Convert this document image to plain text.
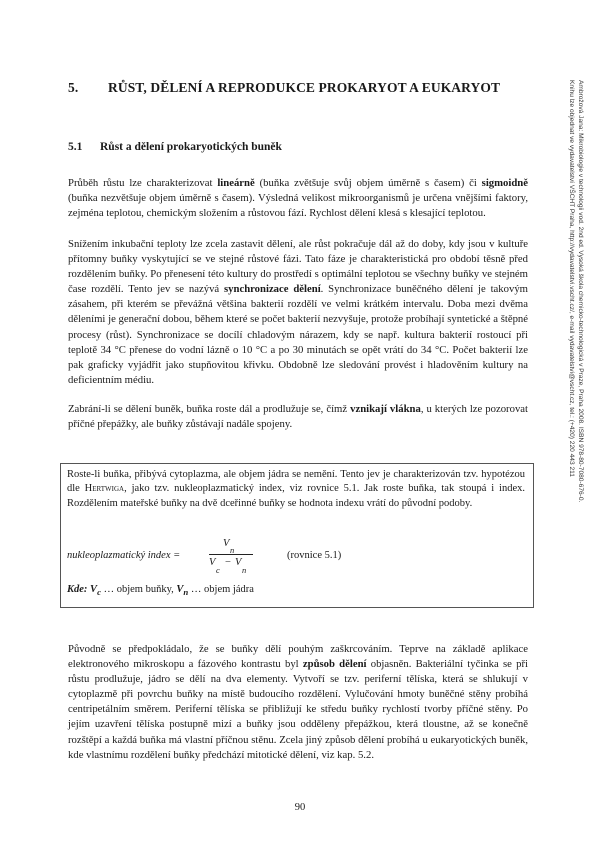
5. RŮST, DĚLENÍ A REPRODUKCE PROKARYOT A EUKARYOT
5.1 Růst a dělení prokaryotických buněk

Průběh růstu lze charakterizovat lineárně (buňka zvětšuje svůj objem úměrně s časem) či sigmoidně (buňka nezvětšuje objem úměrně s časem). Výsledná velikost mikroorganismů je určena vnějšími faktory, zejména teplotou, chemickým složením a růstovou fází. Rychlost dělení klesá s klesající teplotou.

Snížením inkubační teploty lze zcela zastavit dělení, ale růst pokračuje dál až do doby, kdy jsou v kultuře přítomny buňky vyskytující se ve stejné růstové fázi. Tato fáze je charakteristická pro období těsně před rozdělením buňky. Po přenesení této kultury do prostředí s optimální teplotou se všechny buňky ve stejném čase rozdělí. Tento jev se nazývá synchronizace dělení. Synchronizace buněčného dělení je takovým zásahem, při kterém se převážná většina bakterií rozdělí ve velmi krátkém intervalu. Doba mezi dvěma děleními je generační dobou, během které se počet bakterií nezvyšuje, protože probíhají syntetické a štěpné procesy (růst). Synchronizace se docílí chladovým nárazem, kdy se např. kultura bakterií rostoucí při teplotě 34 °C přenese do vodní lázně o 10 °C a po 30 minutách se opět vrátí do 34 °C. Počet bakterií lze pak graficky vyjádřit jako stupňovitou křivku. Obdobně lze sledování provést i hladověním kultury na deficientním médiu.

Zabrání-li se dělení buněk, buňka roste dál a prodlužuje se, čímž vznikají vlákna, u kterých lze pozorovat příčné přepážky, ale buňky zůstávají nadále spojeny.

Roste-li buňka, přibývá cytoplazma, ale objem jádra se nemění. Tento jev je charakterizován tzv. hypotézou dle Hertwiga, jako tzv. nukleoplazmatický index, viz rovnice 5.1. Jak roste buňka, tak stoupá i index. Rozdělením mateřské buňky na dvě dceřinné buňky se hodnota indexu vrátí do původní podoby.

nukleoplazmatický index =
V
n
V
c
− V
n
(rovnice 5.1)
Kde: $V_c$ … objem buňky, $V_n$ … objem jádra

Původně se předpokládalo, že se buňky dělí pouhým zaškrcováním. Teprve na základě aplikace elektronového mikroskopu a fázového kontrastu byl způsob dělení objasněn. Bakteriální tyčinka se při růstu prodlužuje, jádro se dělí na dva elementy. Vytvoří se tzv. periferní tělíska, která se shlukují v cytoplazmě při povrchu buňky na místě budoucího rozdělení. Vylučování hmoty buněčné stěny probíhá centripetálním směrem. Periferní tělíska se přibližují ke středu buňky rychlostí tvorby příčné stěny. Po jejím uzavření tělíska postupně mizí a buňky jsou odděleny přepážkou, která tloustne, až se konečně rozštěpí a každá buňka má vlastní příčnou stěnu. Zcela jiný způsob dělení probíhá u eukaryotických buněk, kde vlastnímu rozdělení buňky předchází mitotické dělení, viz kap. 5.2.

90
Ambrožová Jana: Mikrobiologie v technologii vod. 2nd ed. Vysoká škola chemicko-technologická v Praze, Praha 2008. ISBN 978-80-7080-676-0.
Knihu lze objednat ve vydavatelství VŠCHT Praha, http://vydavatelstvi.vscht.cz/, e-mail vydavatelstvi@vscht.cz, tel.: (+420) 220 443 211
